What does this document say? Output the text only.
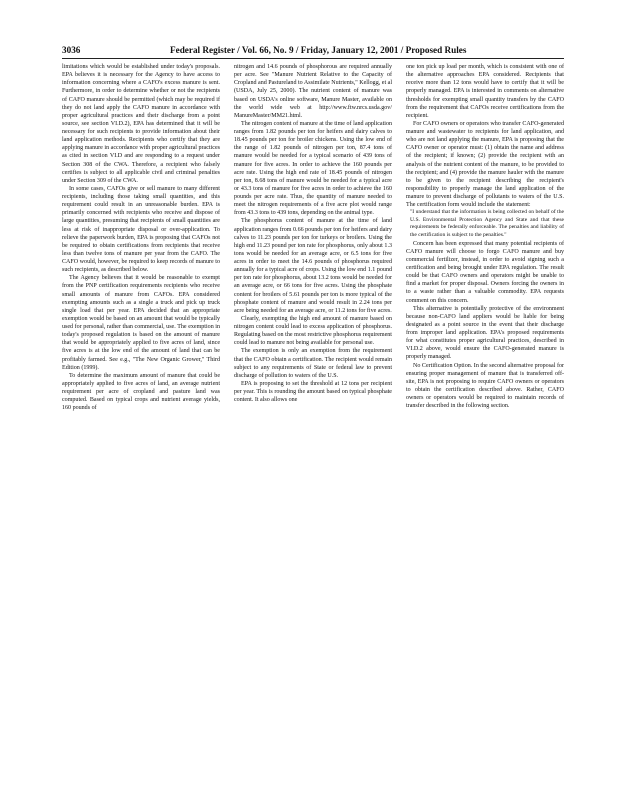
3036	Federal Register / Vol. 66, No. 9 / Friday, January 12, 2001 / Proposed Rules

limitations which would be established under today's proposals. EPA believes it is necessary for the Agency to have access to information concerning where a CAFO's excess manure is sent. Furthermore, in order to determine whether or not the recipients of CAFO manure should be permitted (which may be required if they do not land apply the CAFO manure in accordance with proper agricultural practices and their discharge from a point source, see section VI.D.2), EPA has determined that it will be necessary for such recipients to provide information about their land application methods. Recipients who certify that they are applying manure in accordance with proper agricultural practices as cited in section VI.D and are responding to a request under Section 308 of the CWA. Therefore, a recipient who falsely certifies is subject to all applicable civil and criminal penalties under Section 309 of the CWA.

In some cases, CAFOs give or sell manure to many different recipients, including those taking small quantities, and this requirement could result in an unreasonable burden. EPA is primarily concerned with recipients who receive and dispose of large quantities, presuming that recipients of small quantities are less at risk of inappropriate disposal or over-application. To relieve the paperwork burden, EPA is proposing that CAFOs not be required to obtain certifications from recipients that receive less than twelve tons of manure per year from the CAFO. The CAFO would, however, be required to keep records of manure to such recipients, as described below.

The Agency believes that it would be reasonable to exempt from the PNP certification requirements recipients who receive small amounts of manure from CAFOs. EPA considered exempting amounts such as a single a truck and pick up truck single load that per year. EPA decided that an appropriate exemption would be based on an amount that would be typically used for personal, rather than commercial, use. The exemption in today's proposed regulation is based on the amount of manure that would be appropriately applied to five acres of land, since five acres is at the low end of the amount of land that can be profitably farmed. See e.g., "The New Organic Grower," Third Edition (1999).

To determine the maximum amount of manure that could be appropriately applied to five acres of land, an average nutrient requirement per acre of cropland and pasture land was computed. Based on typical crops and nutrient average yields, 160 pounds of

nitrogen and 14.6 pounds of phosphorous are required annually per acre. See "Manure Nutrient Relative to the Capacity of Cropland and Pastureland to Assimilate Nutrients," Kellogg, et al (USDA, July 25, 2000). The nutrient content of manure was based on USDA's online software, Manure Master, available on the world wide web at http://www.ftw.nrcs.usda.gov/ ManureMaster/MM21.html.

The nitrogen content of manure at the time of land application ranges from 1.82 pounds per ton for heifers and dairy calves to 18.45 pounds per ton for broiler chickens. Using the low end of the range of 1.82 pounds of nitrogen per ton, 87.4 tons of manure would be needed for a typical scenario of 439 tons of manure for five acres. In order to achieve the 160 pounds per acre rate. Using the high end rate of 18.45 pounds of nitrogen per ton, 8.68 tons of manure would be needed for a typical acre or 43.3 tons of manure for five acres in order to achieve the 160 pounds per acre rate. Thus, the quantity of manure needed to meet the nitrogen requirements of a five acre plot would range from 43.3 tons to 439 tons, depending on the animal type.

The phosphorus content of manure at the time of land application ranges from 0.66 pounds per ton for heifers and dairy calves to 11.23 pounds per ton for turkeys or broilers. Using the high end 11.23 pound per ton rate for phosphorus, only about 1.3 tons would be needed for an average acre, or 6.5 tons for five acres in order to meet the 14.6 pounds of phosphorus required annually for a typical acre of crops. Using the low end 1.1 pound per ton rate for phosphorus, about 13.2 tons would be needed for an average acre, or 66 tons for five acres. Using the phosphate content for broilers of 5.61 pounds per ton is more typical of the phosphate content of manure and would result in 2.24 tons per acre being needed for an average acre, or 11.2 tons for five acres.

Clearly, exempting the high end amount of manure based on nitrogen content could lead to excess application of phosphorus. Regulating based on the most restrictive phosphorus requirement could lead to manure not being available for personal use.

The exemption is only an exemption from the requirement that the CAFO obtain a certification. The recipient would remain subject to any requirements of State or federal law to prevent discharge of pollution to waters of the U.S.

EPA is proposing to set the threshold at 12 tons per recipient per year. This is rounding the amount based on typical phosphate content. It also allows one

one ton pick up load per month, which is consistent with one of the alternative approaches EPA considered. Recipients that receive more than 12 tons would have to certify that it will be properly managed. EPA is interested in comments on alternative thresholds for exempting small quantity transfers by the CAFO from the requirement that CAFOs receive certifications from the recipient.

For CAFO owners or operators who transfer CAFO-generated manure and wastewater to recipients for land application, and who are not land applying the manure, EPA is proposing that the CAFO owner or operator must: (1) obtain the name and address of the recipient; if known; (2) provide the recipient with an analysis of the nutrient content of the manure, to be provided to the recipient; and (4) provide the manure hauler with the manure to be given to the recipient describing the recipient's responsibility to properly manage the land application of the manure to prevent discharge of pollutants to waters of the U.S. The certification form would include the statement:

"I understand that the information is being collected on behalf of the U.S. Environmental Protection Agency and State and that these requirements be federally enforceable. The penalties and liability of the certification is subject to the penalties."

Concern has been expressed that many potential recipients of CAFO manure will choose to forgo CAFO manure and buy commercial fertilizer, instead, in order to avoid signing such a certification and being brought under EPA regulation. The result could be that CAFO owners and operators might be unable to find a market for proper disposal. Owners forcing the owners in to a waste rather than a valuable commodity. EPA requests comment on this concern.

This alternative is potentially protective of the environment because non-CAFO land appliers would be liable for being designated as a point source in the event that their discharge from improper land application. EPA's proposed requirements for what constitutes proper agricultural practices, described in VI.D.2 above, would ensure the CAFO-generated manure is properly managed.

No Certification Option. In the second alternative proposal for ensuring proper management of manure that is transferred off-site, EPA is not proposing to require CAFO owners or operators to obtain the certification described above. Rather, CAFO owners or operators would be required to maintain records of transfer described in the following section.
